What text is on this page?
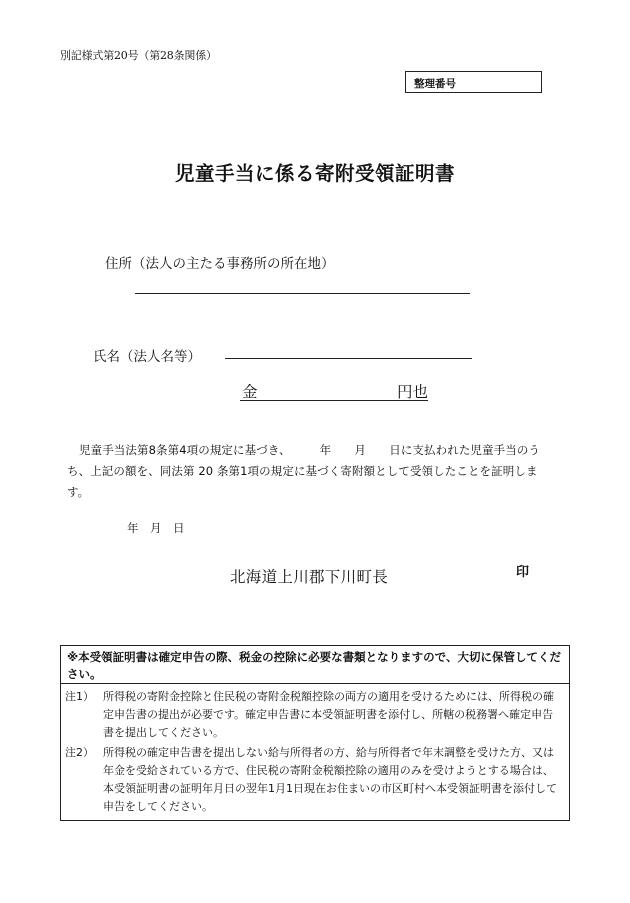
別記様式第20号（第28条関係）
整理番号
児童手当に係る寄附受領証明書
住所（法人の主たる事務所の所在地）
氏名（法人名等）
金	円也
児童手当法第8条第4項の規定に基づき、　　　年　　月　　日に支払われた児童手当のうち、上記の額を、同法第 20 条第1項の規定に基づく寄附額として受領したことを証明します。
年　月　日
北海道上川郡下川町長	印
※本受領証明書は確定申告の際、税金の控除に必要な書類となりますので、大切に保管してください。
注1） 所得税の寄附金控除と住民税の寄附金税額控除の両方の適用を受けるためには、所得税の確定申告書の提出が必要です。確定申告書に本受領証明書を添付し、所轄の税務署へ確定申告書を提出してください。
注2） 所得税の確定申告書を提出しない給与所得者の方、給与所得者で年末調整を受けた方、又は年金を受給されている方で、住民税の寄附金税額控除の適用のみを受けようとする場合は、本受領証明書の証明年月日の翌年1月1日現在お住まいの市区町村へ本受領証明書を添付して申告をしてください。
